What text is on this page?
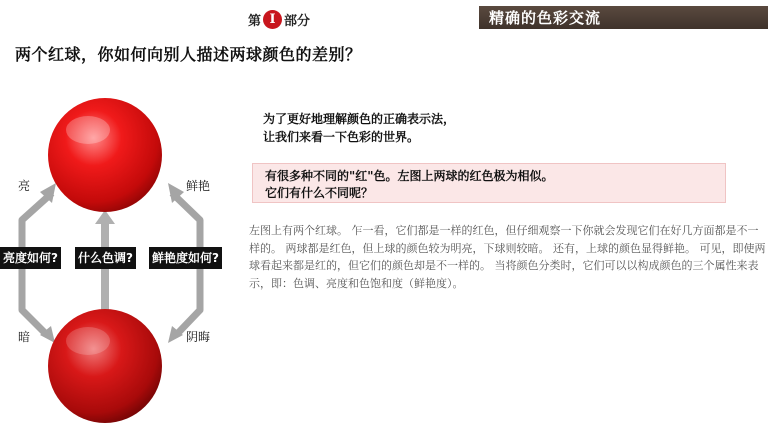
第 I 部分	精确的色彩交流
两个红球，你如何向别人描述两球颜色的差别？
亮	鲜艳
暗	阴晦
亮度如何? 什么色调? 鲜艳度如何?
为了更好地理解颜色的正确表示法，
让我们来看一下色彩的世界。
有很多种不同的"红"色。左图上两球的红色极为相似。
它们有什么不同呢？
左图上有两个红球。 乍一看，它们都是一样的红色，但仔细观察一下你就会发现它们在好几方面都是不一样的。 两球都是红色，但上球的颜色较为明亮，下球则较暗。 还有，上球的颜色显得鲜艳。 可见，即使两球看起来都是红的，但它们的颜色却是不一样的。 当将颜色分类时，它们可以以构成颜色的三个属性来表示，即：色调、亮度和色饱和度（鲜艳度）。
